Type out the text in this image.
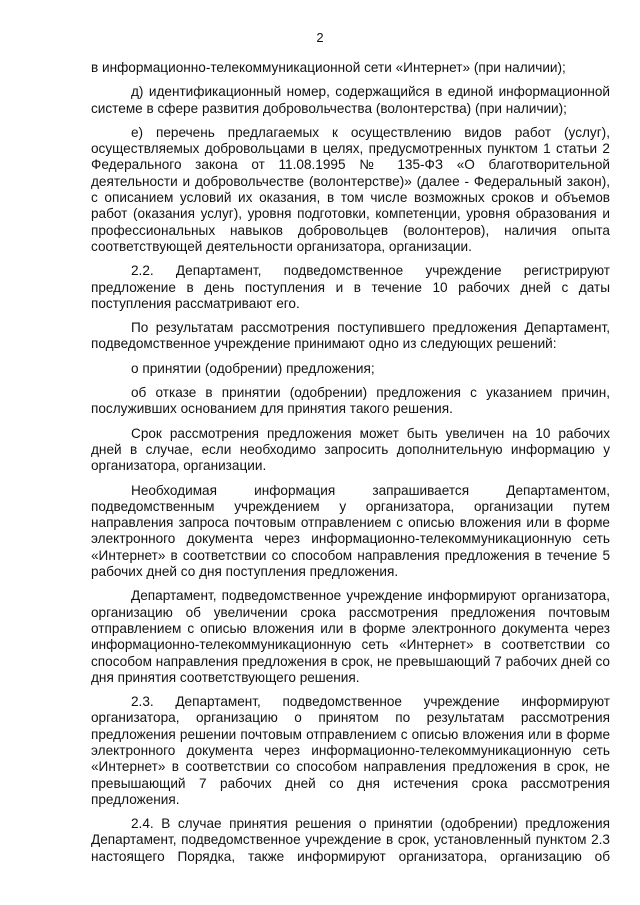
2

в информационно-телекоммуникационной сети «Интернет» (при наличии);

д) идентификационный номер, содержащийся в единой информационной системе в сфере развития добровольчества (волонтерства) (при наличии);

е) перечень предлагаемых к осуществлению видов работ (услуг), осуществляемых добровольцами в целях, предусмотренных пунктом 1 статьи 2 Федерального закона от 11.08.1995 № 135-ФЗ «О благотворительной деятельности и добровольчестве (волонтерстве)» (далее - Федеральный закон), с описанием условий их оказания, в том числе возможных сроков и объемов работ (оказания услуг), уровня подготовки, компетенции, уровня образования и профессиональных навыков добровольцев (волонтеров), наличия опыта соответствующей деятельности организатора, организации.

2.2. Департамент, подведомственное учреждение регистрируют предложение в день поступления и в течение 10 рабочих дней с даты поступления рассматривают его.

По результатам рассмотрения поступившего предложения Департамент, подведомственное учреждение принимают одно из следующих решений:

о принятии (одобрении) предложения;

об отказе в принятии (одобрении) предложения с указанием причин, послуживших основанием для принятия такого решения.

Срок рассмотрения предложения может быть увеличен на 10 рабочих дней в случае, если необходимо запросить дополнительную информацию у организатора, организации.

Необходимая информация запрашивается Департаментом, подведомственным учреждением у организатора, организации путем направления запроса почтовым отправлением с описью вложения или в форме электронного документа через информационно-телекоммуникационную сеть «Интернет» в соответствии со способом направления предложения в течение 5 рабочих дней со дня поступления предложения.

Департамент, подведомственное учреждение информируют организатора, организацию об увеличении срока рассмотрения предложения почтовым отправлением с описью вложения или в форме электронного документа через информационно-телекоммуникационную сеть «Интернет» в соответствии со способом направления предложения в срок, не превышающий 7 рабочих дней со дня принятия соответствующего решения.

2.3. Департамент, подведомственное учреждение информируют организатора, организацию о принятом по результатам рассмотрения предложения решении почтовым отправлением с описью вложения или в форме электронного документа через информационно-телекоммуникационную сеть «Интернет» в соответствии со способом направления предложения в срок, не превышающий 7 рабочих дней со дня истечения срока рассмотрения предложения.

2.4. В случае принятия решения о принятии (одобрении) предложения Департамент, подведомственное учреждение в срок, установленный пунктом 2.3 настоящего Порядка, также информируют организатора, организацию об
